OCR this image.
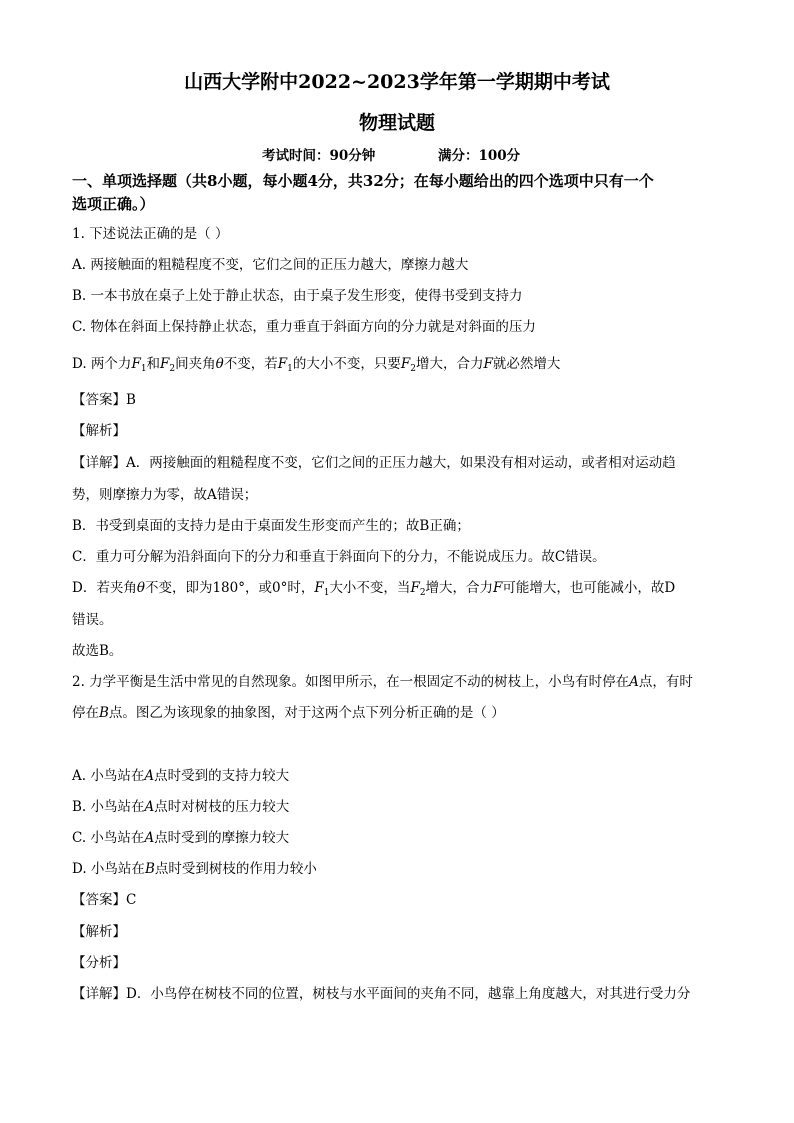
山西大学附中2022~2023学年第一学期期中考试
物理试题
考试时间：90分钟	满分：100分
一、单项选择题（共8小题，每小题4分，共32分；在每小题给出的四个选项中只有一个
选项正确。）
1. 下述说法正确的是（ ）
A. 两接触面的粗糙程度不变，它们之间的正压力越大，摩擦力越大
B. 一本书放在桌子上处于静止状态，由于桌子发生形变，使得书受到支持力
C. 物体在斜面上保持静止状态，重力垂直于斜面方向的分力就是对斜面的压力
D. 两个力$F_1$和$F_2$间夹角θ不变，若$F_1$的大小不变，只要$F_2$增大，合力F就必然增大
【答案】B
【解析】
【详解】A．两接触面的粗糙程度不变，它们之间的正压力越大，如果没有相对运动，或者相对运动趋
势，则摩擦力为零，故A错误；
B．书受到桌面的支持力是由于桌面发生形变而产生的；故B正确；
C．重力可分解为沿斜面向下的分力和垂直于斜面向下的分力，不能说成压力。故C错误。
D．若夹角θ不变，即为180°，或0°时，$F_1$大小不变，当$F_2$增大，合力F可能增大，也可能减小，故D
错误。
故选B。
2. 力学平衡是生活中常见的自然现象。如图甲所示，在一根固定不动的树枝上，小鸟有时停在A点，有时
停在B点。图乙为该现象的抽象图，对于这两个点下列分析正确的是（ ）
A. 小鸟站在A点时受到的支持力较大
B. 小鸟站在A点时对树枝的压力较大
C. 小鸟站在A点时受到的摩擦力较大
D. 小鸟站在B点时受到树枝的作用力较小
【答案】C
【解析】
【分析】
【详解】D．小鸟停在树枝不同的位置，树枝与水平面间的夹角不同，越靠上角度越大，对其进行受力分
